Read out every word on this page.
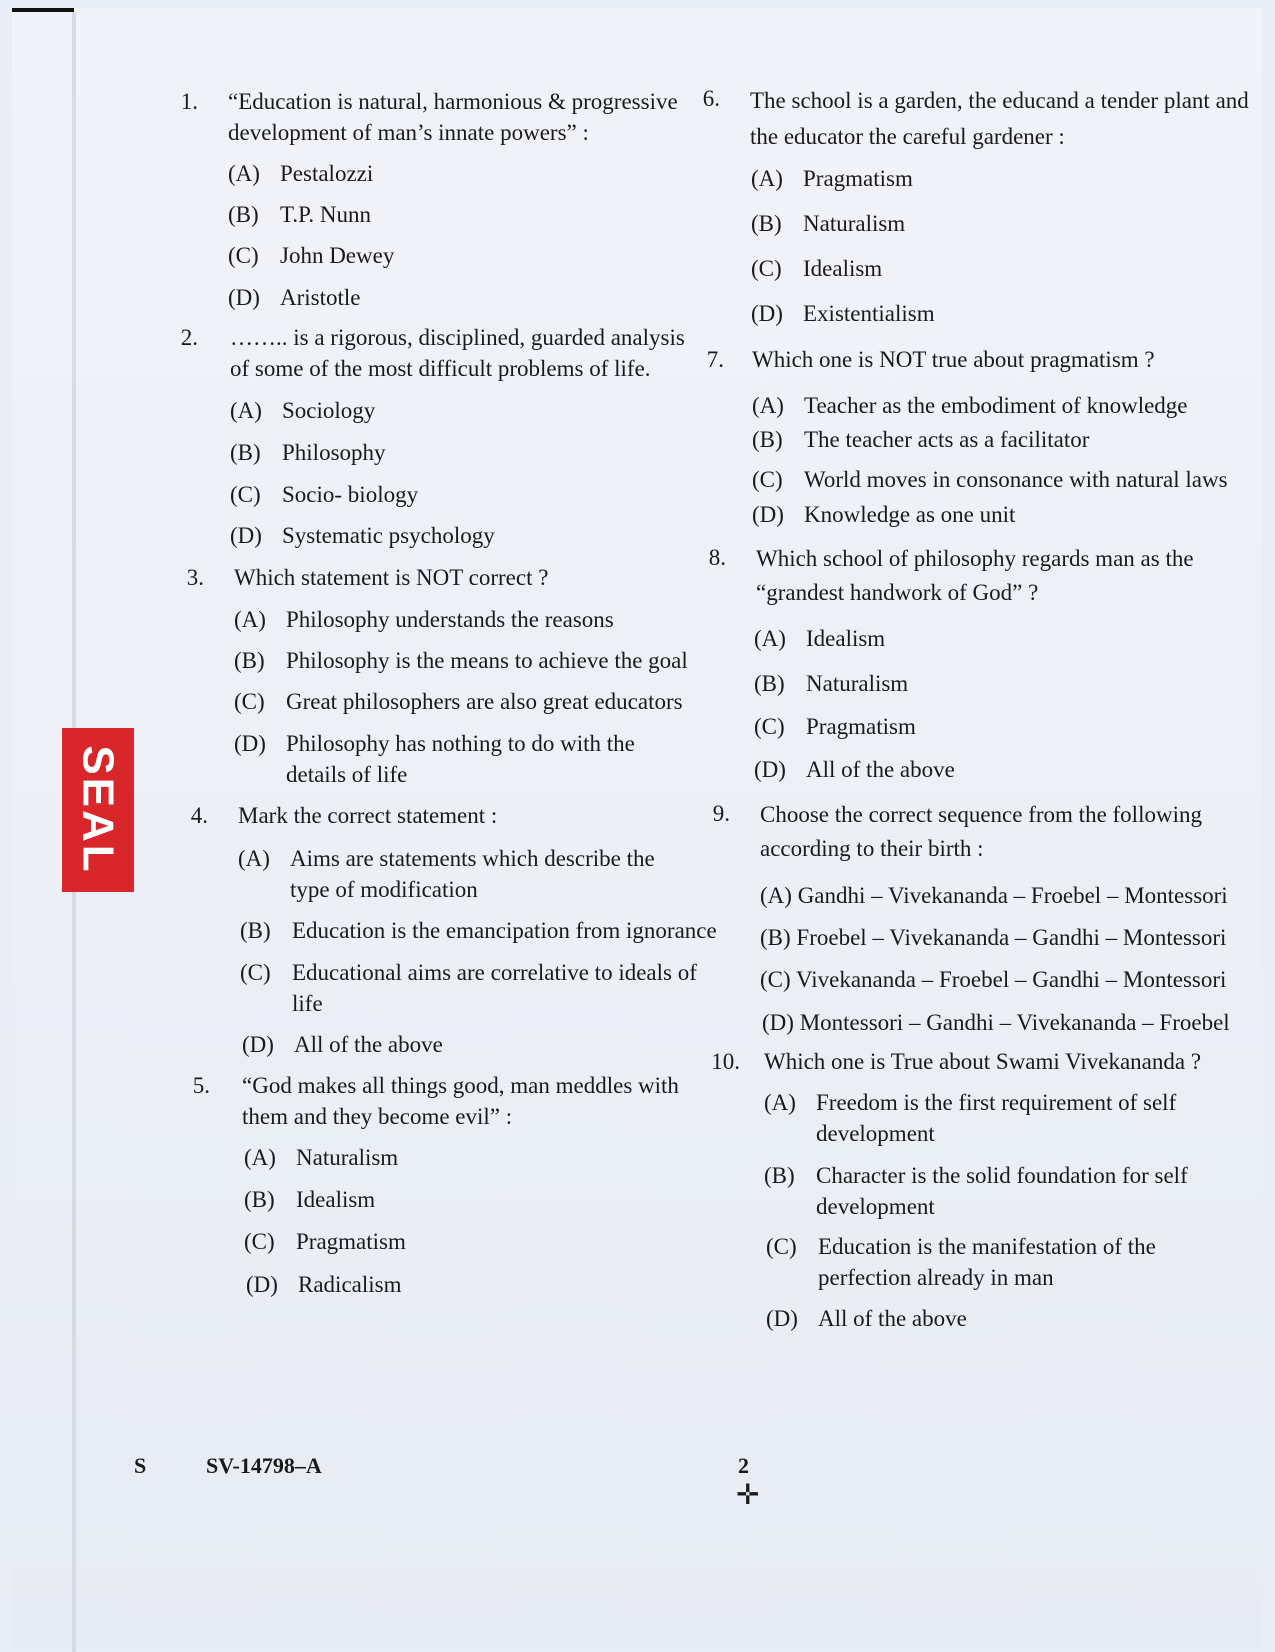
SEAL
1. “Education is natural, harmonious & progressive development of man’s innate powers” :
(A) Pestalozzi
(B) T.P. Nunn
(C) John Dewey
(D) Aristotle
2. …….. is a rigorous, disciplined, guarded analysis of some of the most difficult problems of life.
(A) Sociology
(B) Philosophy
(C) Socio- biology
(D) Systematic psychology
3. Which statement is NOT correct ?
(A) Philosophy understands the reasons
(B) Philosophy is the means to achieve the goal
(C) Great philosophers are also great educators
(D) Philosophy has nothing to do with the details of life
4. Mark the correct statement :
(A) Aims are statements which describe the type of modification
(B) Education is the emancipation from ignorance
(C) Educational aims are correlative to ideals of life
(D) All of the above
5. “God makes all things good, man meddles with them and they become evil” :
(A) Naturalism
(B) Idealism
(C) Pragmatism
(D) Radicalism
6. The school is a garden, the educand a tender plant and the educator the careful gardener :
(A) Pragmatism
(B) Naturalism
(C) Idealism
(D) Existentialism
7. Which one is NOT true about pragmatism ?
(A) Teacher as the embodiment of knowledge
(B) The teacher acts as a facilitator
(C) World moves in consonance with natural laws
(D) Knowledge as one unit
8. Which school of philosophy regards man as the “grandest handwork of God” ?
(A) Idealism
(B) Naturalism
(C) Pragmatism
(D) All of the above
9. Choose the correct sequence from the following according to their birth :
(A) Gandhi – Vivekananda – Froebel – Montessori
(B) Froebel – Vivekananda – Gandhi – Montessori
(C) Vivekananda – Froebel – Gandhi – Montessori
(D) Montessori – Gandhi – Vivekananda – Froebel
10. Which one is True about Swami Vivekananda ?
(A) Freedom is the first requirement of self development
(B) Character is the solid foundation for self development
(C) Education is the manifestation of the perfection already in man
(D) All of the above
S	SV-14798–A	2
✛
